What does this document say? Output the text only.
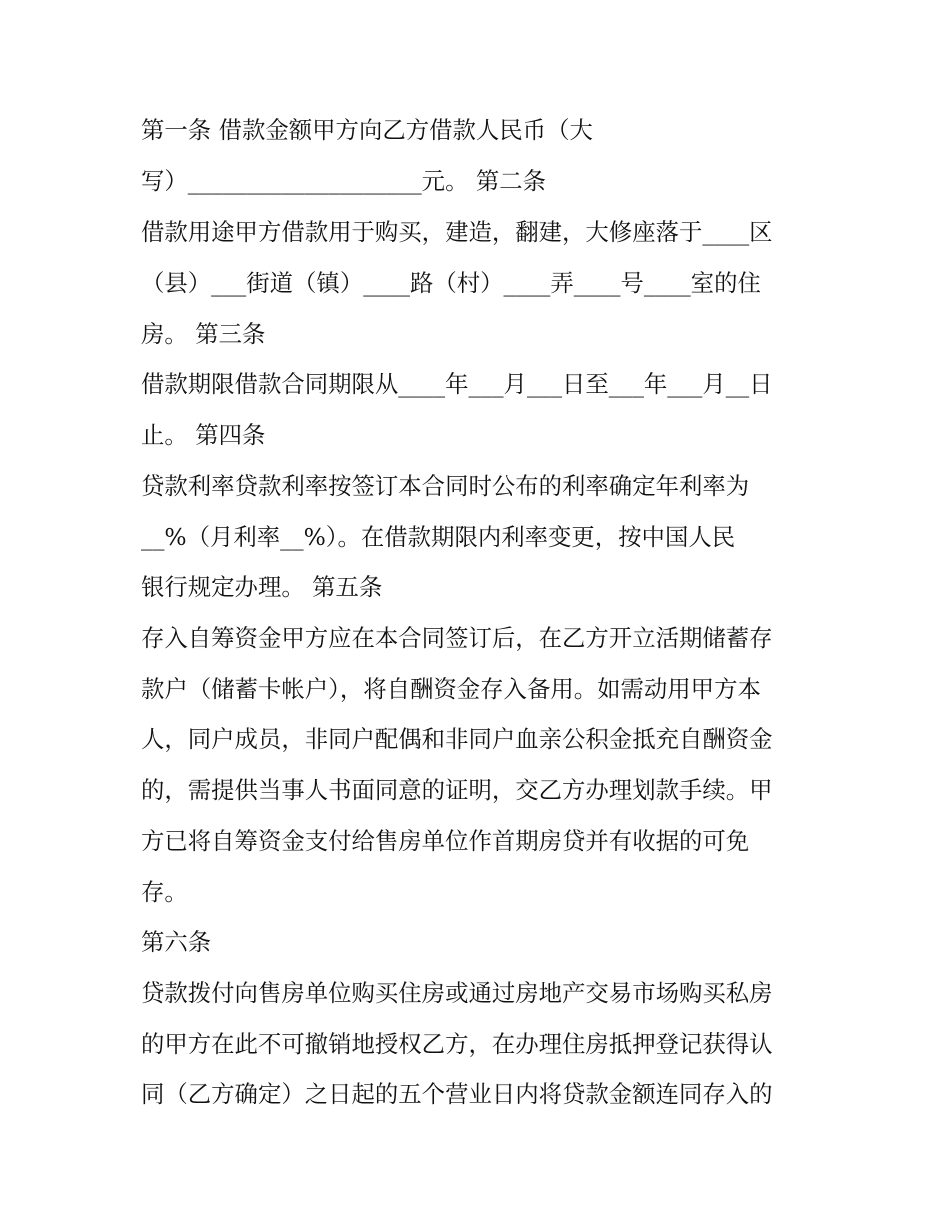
第一条 借款金额甲方向乙方借款人民币（大
写）____________________元。 第二条
借款用途甲方借款用于购买，建造，翻建，大修座落于____区
（县）___街道（镇）____路（村）____弄____号____室的住
房。 第三条
借款期限借款合同期限从____年___月___日至___年___月__日
止。 第四条
贷款利率贷款利率按签订本合同时公布的利率确定年利率为
__%（月利率__%）。在借款期限内利率变更，按中国人民
银行规定办理。 第五条
存入自筹资金甲方应在本合同签订后，在乙方开立活期储蓄存
款户（储蓄卡帐户），将自酬资金存入备用。如需动用甲方本
人，同户成员，非同户配偶和非同户血亲公积金抵充自酬资金
的，需提供当事人书面同意的证明，交乙方办理划款手续。甲
方已将自筹资金支付给售房单位作首期房贷并有收据的可免
存。
第六条
贷款拨付向售房单位购买住房或通过房地产交易市场购买私房
的甲方在此不可撤销地授权乙方，在办理住房抵押登记获得认
同（乙方确定）之日起的五个营业日内将贷款金额连同存入的
